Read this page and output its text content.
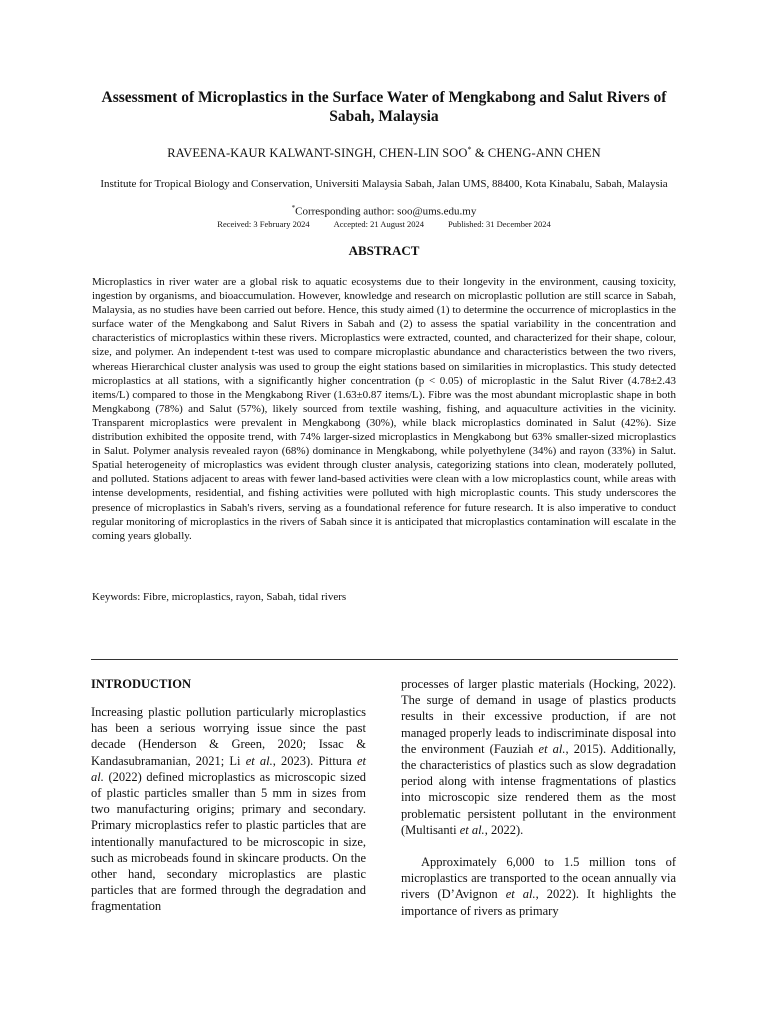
Assessment of Microplastics in the Surface Water of Mengkabong and Salut Rivers of Sabah, Malaysia
RAVEENA-KAUR KALWANT-SINGH, CHEN-LIN SOO* & CHENG-ANN CHEN
Institute for Tropical Biology and Conservation, Universiti Malaysia Sabah, Jalan UMS, 88400, Kota Kinabalu, Sabah, Malaysia
*Corresponding author: soo@ums.edu.my
Received: 3 February 2024	Accepted: 21 August 2024	Published: 31 December 2024
ABSTRACT

Microplastics in river water are a global risk to aquatic ecosystems due to their longevity in the environment, causing toxicity, ingestion by organisms, and bioaccumulation. However, knowledge and research on microplastic pollution are still scarce in Sabah, Malaysia, as no studies have been carried out before. Hence, this study aimed (1) to determine the occurrence of microplastics in the surface water of the Mengkabong and Salut Rivers in Sabah and (2) to assess the spatial variability in the concentration and characteristics of microplastics within these rivers. Microplastics were extracted, counted, and characterized for their shape, colour, size, and polymer. An independent t-test was used to compare microplastic abundance and characteristics between the two rivers, whereas Hierarchical cluster analysis was used to group the eight stations based on similarities in microplastics. This study detected microplastics at all stations, with a significantly higher concentration (p < 0.05) of microplastic in the Salut River (4.78±2.43 items/L) compared to those in the Mengkabong River (1.63±0.87 items/L). Fibre was the most abundant microplastic shape in both Mengkabong (78%) and Salut (57%), likely sourced from textile washing, fishing, and aquaculture activities in the vicinity. Transparent microplastics were prevalent in Mengkabong (30%), while black microplastics dominated in Salut (42%). Size distribution exhibited the opposite trend, with 74% larger-sized microplastics in Mengkabong but 63% smaller-sized microplastics in Salut. Polymer analysis revealed rayon (68%) dominance in Mengkabong, while polyethylene (34%) and rayon (33%) in Salut. Spatial heterogeneity of microplastics was evident through cluster analysis, categorizing stations into clean, moderately polluted, and polluted. Stations adjacent to areas with fewer land-based activities were clean with a low microplastics count, while areas with intense developments, residential, and fishing activities were polluted with high microplastic counts. This study underscores the presence of microplastics in Sabah's rivers, serving as a foundational reference for future research. It is also imperative to conduct regular monitoring of microplastics in the rivers of Sabah since it is anticipated that microplastics contamination will escalate in the coming years globally.

Keywords: Fibre, microplastics, rayon, Sabah, tidal rivers
INTRODUCTION

Increasing plastic pollution particularly microplastics has been a serious worrying issue since the past decade (Henderson & Green, 2020; Issac & Kandasubramanian, 2021; Li et al., 2023). Pittura et al. (2022) defined microplastics as microscopic sized of plastic particles smaller than 5 mm in sizes from two manufacturing origins; primary and secondary. Primary microplastics refer to plastic particles that are intentionally manufactured to be microscopic in size, such as microbeads found in skincare products. On the other hand, secondary microplastics are plastic particles that are formed through the degradation and fragmentation

processes of larger plastic materials (Hocking, 2022). The surge of demand in usage of plastics products results in their excessive production, if are not managed properly leads to indiscriminate disposal into the environment (Fauziah et al., 2015). Additionally, the characteristics of plastics such as slow degradation period along with intense fragmentations of plastics into microscopic size rendered them as the most problematic persistent pollutant in the environment (Multisanti et al., 2022).

Approximately 6,000 to 1.5 million tons of microplastics are transported to the ocean annually via rivers (D’Avignon et al., 2022). It highlights the importance of rivers as primary
